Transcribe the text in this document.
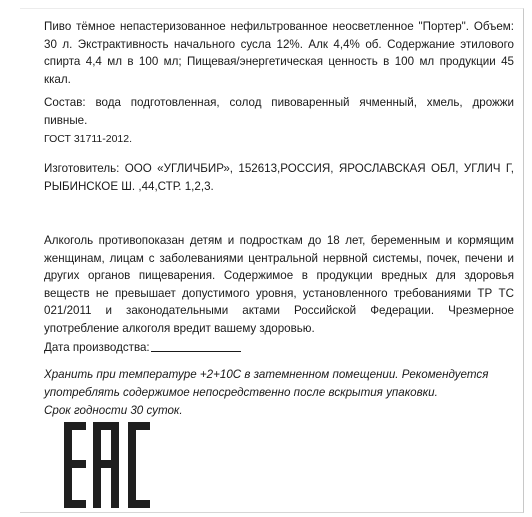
Пиво тёмное непастеризованное нефильтрованное неосветленное "Портер". Объем: 30 л. Экстрактивность начального сусла 12%. Алк 4,4% об. Содержание этилового спирта 4,4 мл в 100 мл; Пищевая/энергетическая ценность в 100 мл продукции 45 ккал.

Состав: вода подготовленная, солод пивоваренный ячменный, хмель, дрожжи пивные.

ГОСТ 31711-2012.

Изготовитель: ООО «УГЛИЧБИР», 152613,РОССИЯ, ЯРОСЛАВСКАЯ ОБЛ, УГЛИЧ Г, РЫБИНСКОЕ Ш. ,44,СТР. 1,2,3.

Алкоголь противопоказан детям и подросткам до 18 лет, беременным и кормящим женщинам, лицам с заболеваниями центральной нервной системы, почек, печени и других органов пищеварения. Содержимое в продукции вредных для здоровья веществ не превышает допустимого уровня, установленного требованиями ТР ТС 021/2011 и законодательными актами Российской Федерации. Чрезмерное употребление алкоголя вредит вашему здоровью.

Дата производства:

Хранить при температуре +2+10С в затемненном помещении. Рекомендуется употреблять содержимое непосредственно после вскрытия упаковки.

Срок годности 30 суток.
